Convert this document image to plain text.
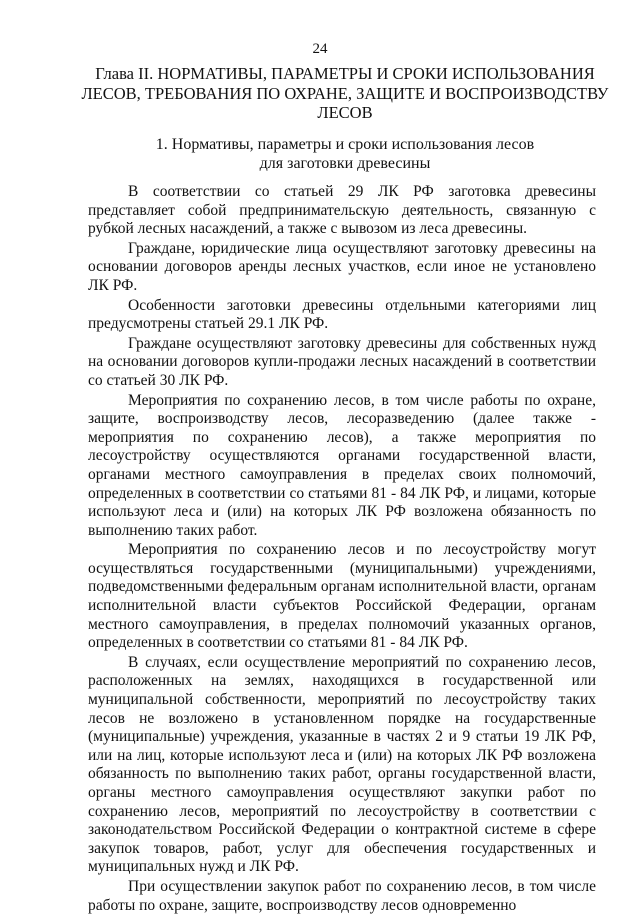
24
Глава II. НОРМАТИВЫ, ПАРАМЕТРЫ И СРОКИ ИСПОЛЬЗОВАНИЯ
ЛЕСОВ, ТРЕБОВАНИЯ ПО ОХРАНЕ, ЗАЩИТЕ И ВОСПРОИЗВОДСТВУ
ЛЕСОВ
1. Нормативы, параметры и сроки использования лесов
для заготовки древесины

В соответствии со статьей 29 ЛК РФ заготовка древесины представляет собой предпринимательскую деятельность, связанную с рубкой лесных насаждений, а также с вывозом из леса древесины.

Граждане, юридические лица осуществляют заготовку древесины на основании договоров аренды лесных участков, если иное не установлено ЛК РФ.

Особенности заготовки древесины отдельными категориями лиц предусмотрены статьей 29.1 ЛК РФ.

Граждане осуществляют заготовку древесины для собственных нужд на основании договоров купли-продажи лесных насаждений в соответствии со статьей 30 ЛК РФ.

Мероприятия по сохранению лесов, в том числе работы по охране, защите, воспроизводству лесов, лесоразведению (далее также - мероприятия по сохранению лесов), а также мероприятия по лесоустройству осуществляются органами государственной власти, органами местного самоуправления в пределах своих полномочий, определенных в соответствии со статьями 81 - 84 ЛК РФ, и лицами, которые используют леса и (или) на которых ЛК РФ возложена обязанность по выполнению таких работ.

Мероприятия по сохранению лесов и по лесоустройству могут осуществляться государственными (муниципальными) учреждениями, подведомственными федеральным органам исполнительной власти, органам исполнительной власти субъектов Российской Федерации, органам местного самоуправления, в пределах полномочий указанных органов, определенных в соответствии со статьями 81 - 84 ЛК РФ.

В случаях, если осуществление мероприятий по сохранению лесов, расположенных на землях, находящихся в государственной или муниципальной собственности, мероприятий по лесоустройству таких лесов не возложено в установленном порядке на государственные (муниципальные) учреждения, указанные в частях 2 и 9 статьи 19 ЛК РФ, или на лиц, которые используют леса и (или) на которых ЛК РФ возложена обязанность по выполнению таких работ, органы государственной власти, органы местного самоуправления осуществляют закупки работ по сохранению лесов, мероприятий по лесоустройству в соответствии с законодательством Российской Федерации о контрактной системе в сфере закупок товаров, работ, услуг для обеспечения государственных и муниципальных нужд и ЛК РФ.

При осуществлении закупок работ по сохранению лесов, в том числе работы по охране, защите, воспроизводству лесов одновременно
